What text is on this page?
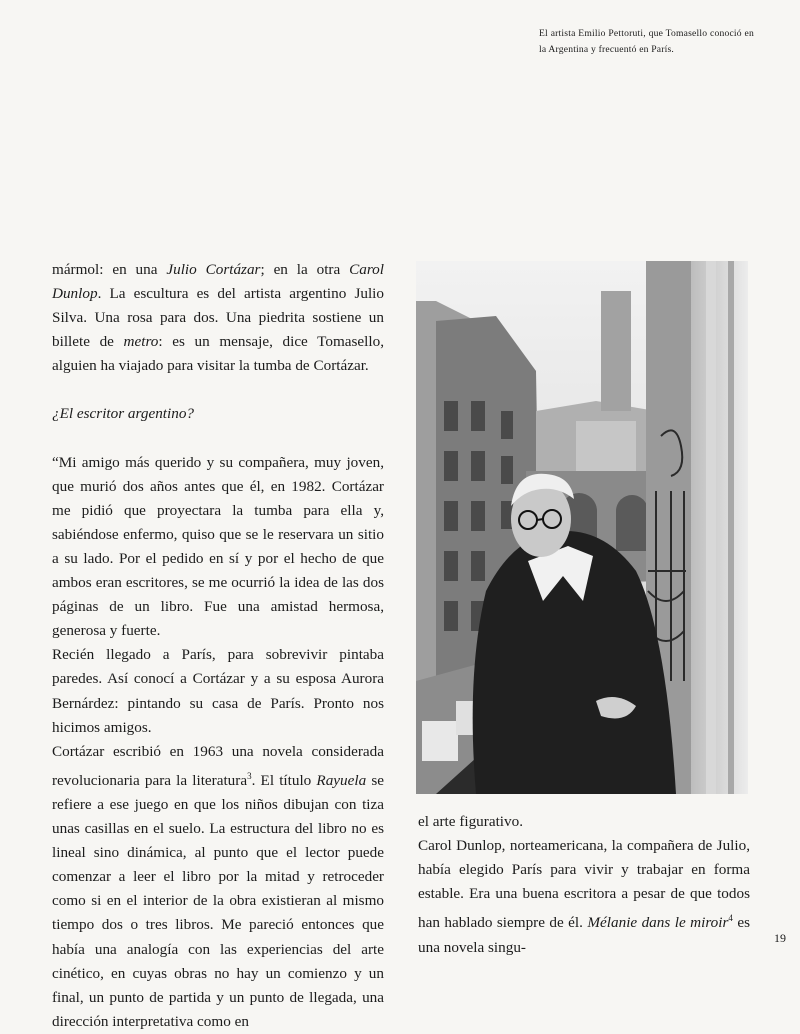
El artista Emilio Pettoruti, que Tomasello conoció en la Argentina y frecuentó en París.

mármol: en una Julio Cortázar; en la otra Carol Dunlop. La escultura es del artista argentino Julio Silva. Una rosa para dos. Una piedrita sostiene un billete de metro: es un mensaje, dice Tomasello, alguien ha viajado para visitar la tumba de Cortázar.

¿El escritor argentino?

“Mi amigo más querido y su compañera, muy joven, que murió dos años antes que él, en 1982. Cortázar me pidió que proyectara la tumba para ella y, sabiéndose enfermo, quiso que se le reservara un sitio a su lado. Por el pedido en sí y por el hecho de que ambos eran escritores, se me ocurrió la idea de las dos páginas de un libro. Fue una amistad hermosa, generosa y fuerte.

Recién llegado a París, para sobrevivir pintaba paredes. Así conocí a Cortázar y a su esposa Aurora Bernárdez: pintando su casa de París. Pronto nos hicimos amigos.

Cortázar escribió en 1963 una novela considerada revolucionaria para la literatura$^3$. El título Rayuela se refiere a ese juego en que los niños dibujan con tiza unas casillas en el suelo. La estructura del libro no es lineal sino dinámica, al punto que el lector puede comenzar a leer el libro por la mitad y retroceder como si en el interior de la obra existieran al mismo tiempo dos o tres libros. Me pareció entonces que había una analogía con las experiencias del arte cinético, en cuyas obras no hay un comienzo y un final, un punto de partida y un punto de llegada, una dirección interpretativa como en

el arte figurativo.

Carol Dunlop, norteamericana, la compañera de Julio, había elegido París para vivir y trabajar en forma estable. Era una buena escritora a pesar de que todos han hablado siempre de él. Mélanie dans le miroir$^4$ es una novela singu-

19
